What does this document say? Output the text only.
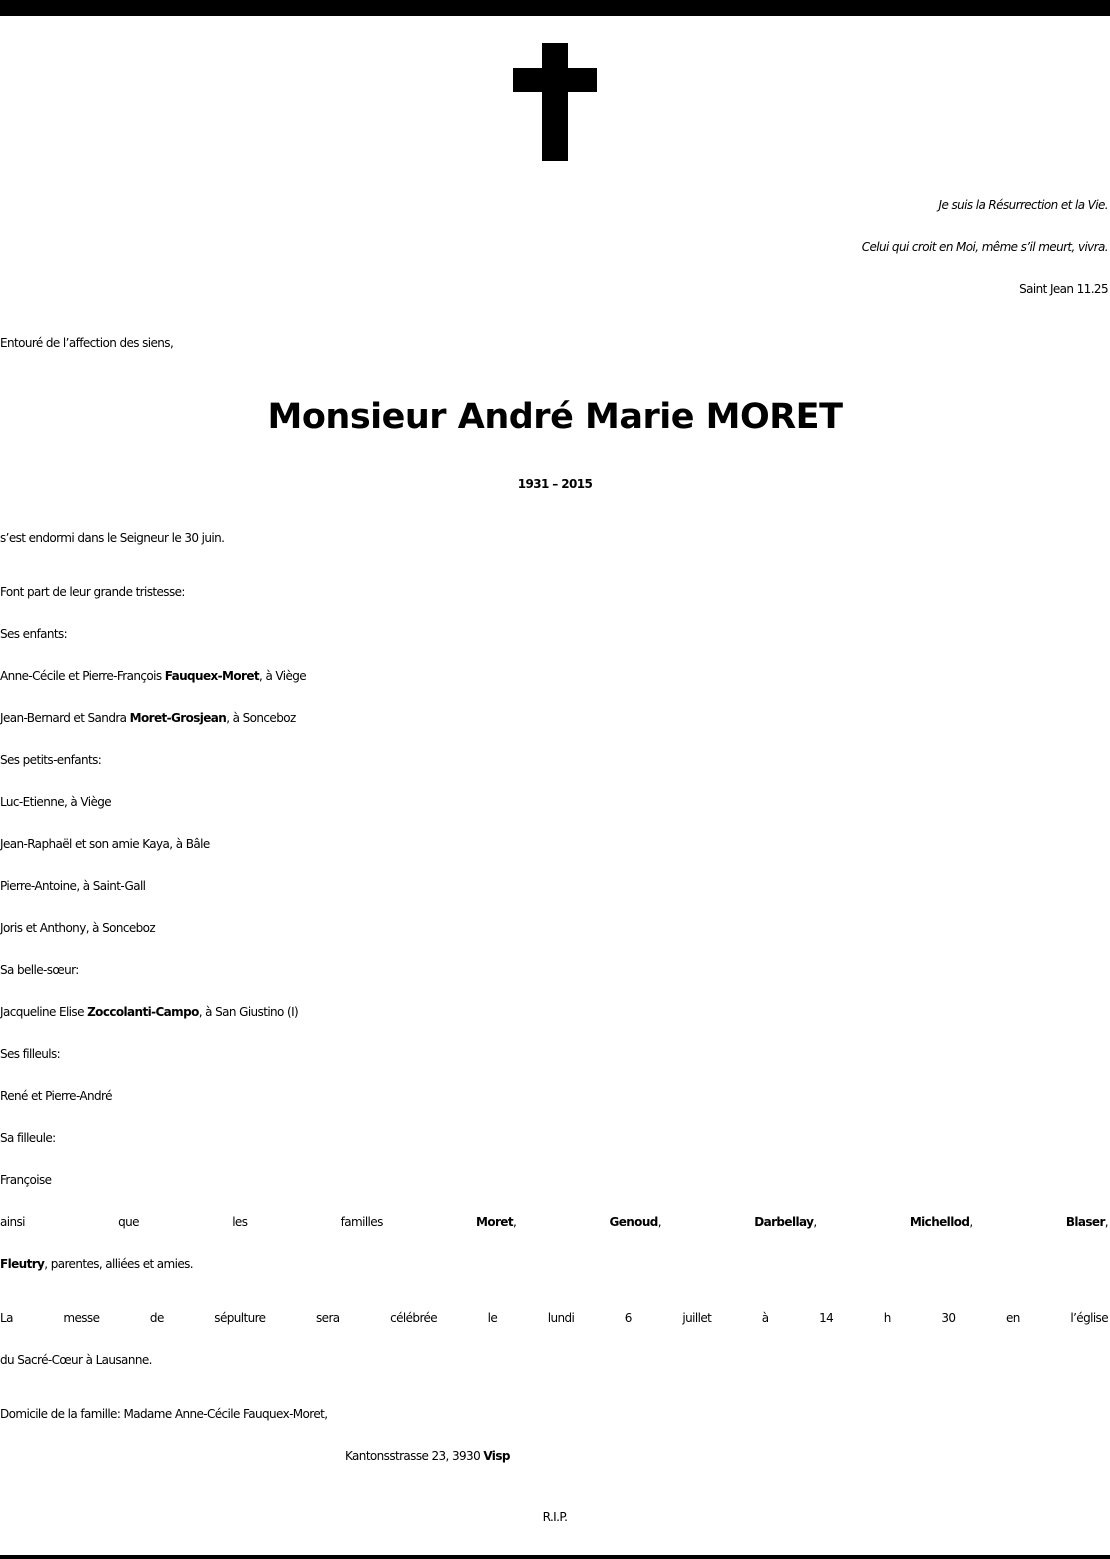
Je suis la Résurrection et la Vie.
Celui qui croit en Moi, même s’il meurt, vivra.
Saint Jean 11.25
Entouré de l’affection des siens,
Monsieur André Marie MORET
1931 – 2015
s’est endormi dans le Seigneur le 30 juin.
Font part de leur grande tristesse:
Ses enfants:
Anne-Cécile et Pierre-François Fauquex-Moret, à Viège
Jean-Bernard et Sandra Moret-Grosjean, à Sonceboz
Ses petits-enfants:
Luc-Etienne, à Viège
Jean-Raphaël et son amie Kaya, à Bâle
Pierre-Antoine, à Saint-Gall
Joris et Anthony, à Sonceboz
Sa belle-sœur:
Jacqueline Elise Zoccolanti-Campo, à San Giustino (I)
Ses filleuls:
René et Pierre-André
Sa filleule:
Françoise
ainsi que les familles Moret, Genoud, Darbellay, Michellod, Blaser,
Fleutry, parentes, alliées et amies.
La messe de sépulture sera célébrée le lundi 6 juillet à 14 h 30 en l’église
du Sacré-Cœur à Lausanne.
Domicile de la famille: Madame Anne-Cécile Fauquex-Moret,
Kantonsstrasse 23, 3930 Visp
R.I.P.
